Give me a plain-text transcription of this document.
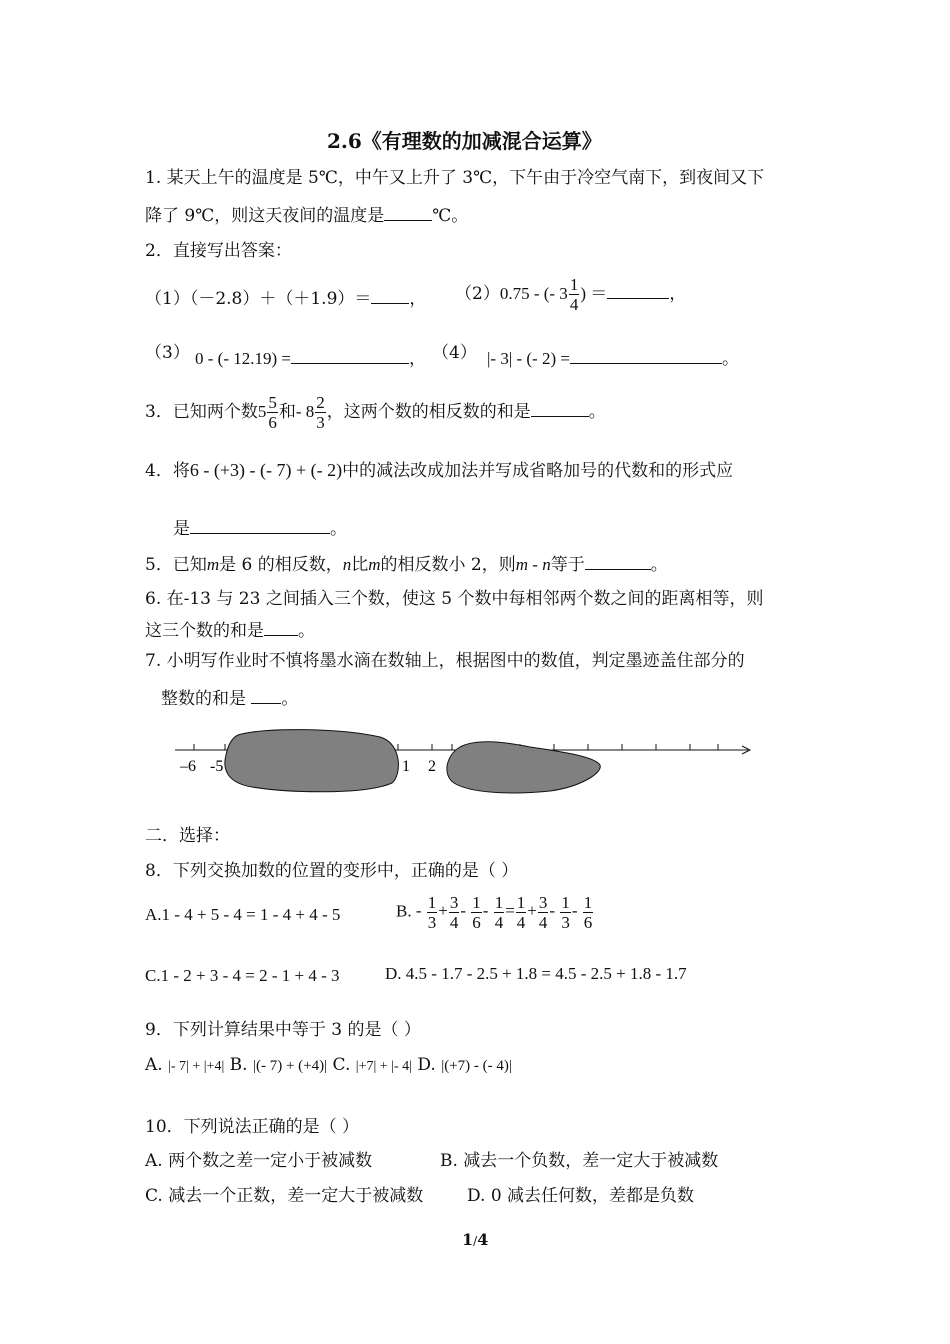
2.6《有理数的加减混合运算》
1. 某天上午的温度是 5℃，中午又上升了 3℃，下午由于冷空气南下，到夜间又下
降了 9℃，则这天夜间的温度是	℃。
2．直接写出答案：
（1）（－2.8）＋（＋1.9）＝ ， （2）0.75 - (- $3 \frac{1}{4}$ ) ＝	，
（3） 0 - (- 12.19) =	， （4） |- 3| - (- 2) =	。
3．已知两个数$5 \frac{5}{6}$ 和- $8 \frac{2}{3}$ ，这两个数的相反数的和是	。
4．将6 - (+3) - (- 7) + (- 2)中的减法改成加法并写成省略加号的代数和的形式应
是	。
5．已知m是 6 的相反数，n比m的相反数小 2，则m - n等于	。
6. 在-13 与 23 之间插入三个数，使这 5 个数中每相邻两个数之间的距离相等，则
这三个数的和是 。
7. 小明写作业时不慎将墨水滴在数轴上，根据图中的数值，判定墨迹盖住部分的
整数的和是 。
–6 -5	1 2
二．选择：
8．下列交换加数的位置的变形中，正确的是（ ）
A.1 - 4 + 5 - 4 = 1 - 4 + 4 - 5	B. - $\frac{1}{3} + \frac{3}{4} - \frac{1}{6} - \frac{1}{4} = \frac{1}{4} + \frac{3}{4} - \frac{1}{3} - \frac{1}{6}$
C.1 - 2 + 3 - 4 = 2 - 1 + 4 - 3	D. 4.5 - 1.7 - 2.5 + 1.8 = 4.5 - 2.5 + 1.8 - 1.7
9．下列计算结果中等于 3 的是（ ）
A. |- 7| + |+4| B. |(- 7) + (+4)| C. |+7| + |- 4| D. |(+7) - (- 4)|
10．下列说法正确的是（ ）
A. 两个数之差一定小于被减数	B. 减去一个负数，差一定大于被减数
C. 减去一个正数，差一定大于被减数	D. 0 减去任何数，差都是负数
1/4
